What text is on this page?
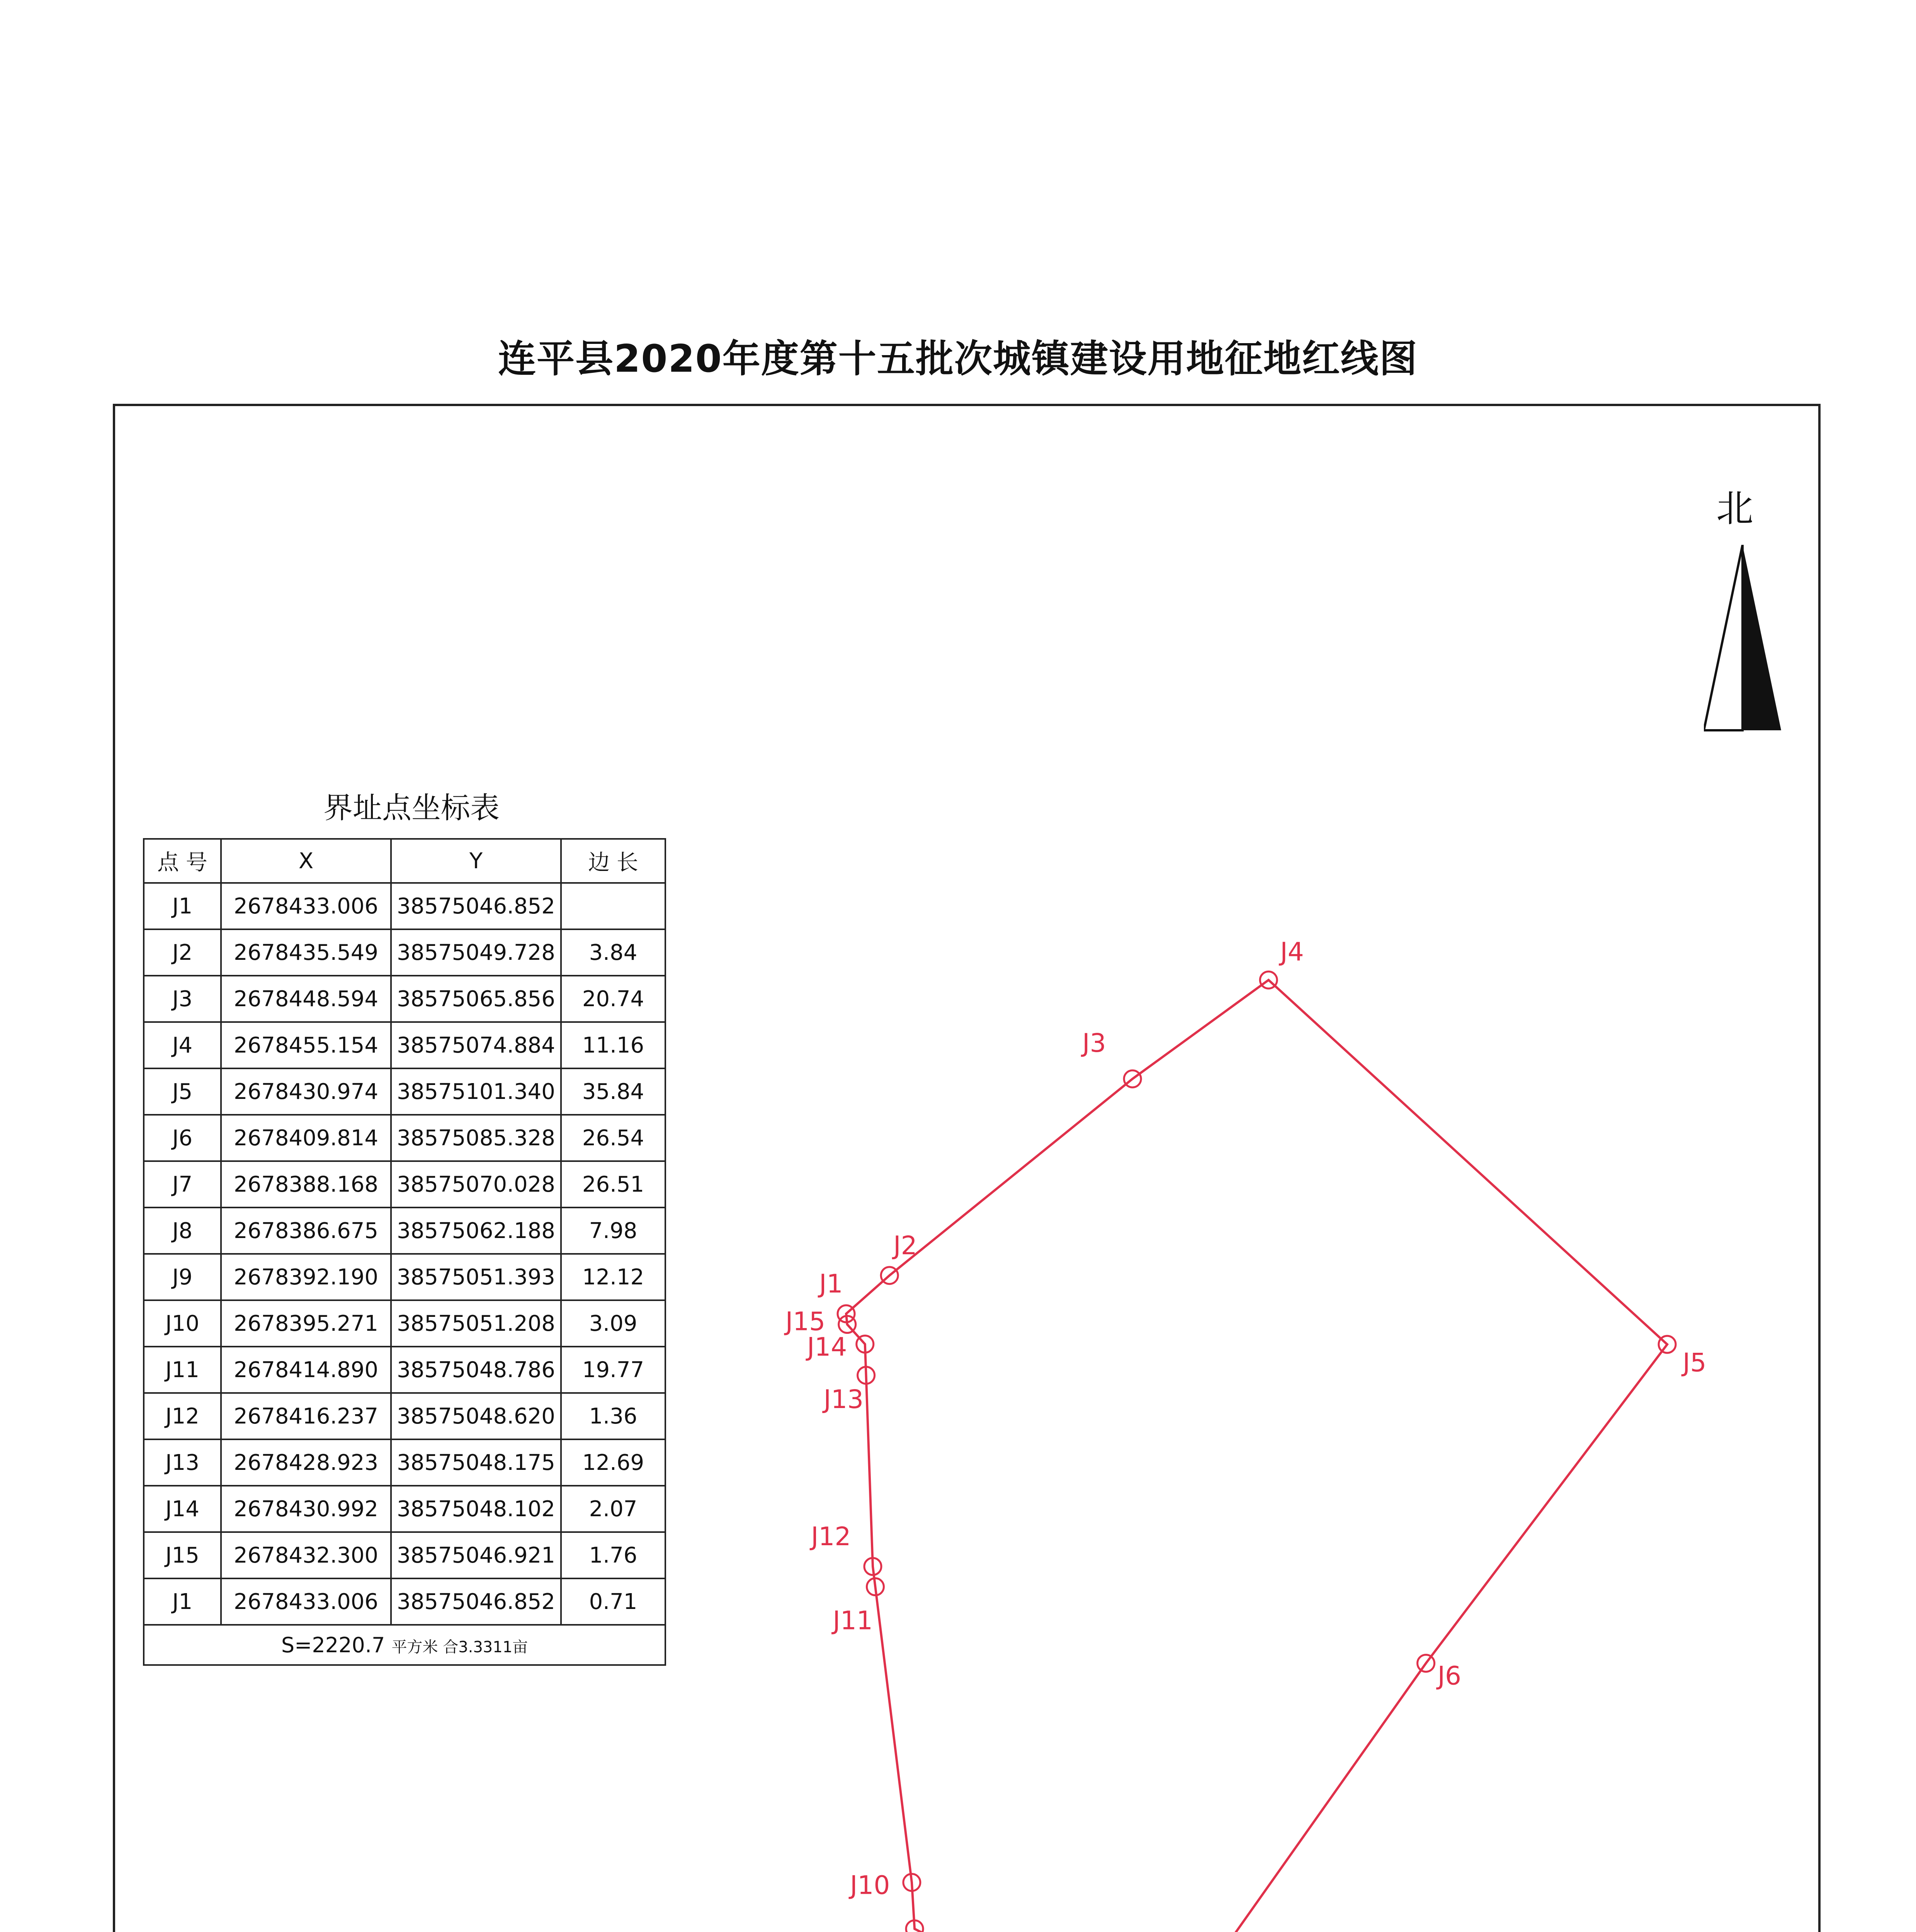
连平县2020年度第十五批次城镇建设用地征地红线图
北
界址点坐标表
点 号	X	Y	边 长
J1	2678433.006	38575046.852	
J2	2678435.549	38575049.728	3.84
J3	2678448.594	38575065.856	20.74
J4	2678455.154	38575074.884	11.16
J5	2678430.974	38575101.340	35.84
J6	2678409.814	38575085.328	26.54
J7	2678388.168	38575070.028	26.51
J8	2678386.675	38575062.188	7.98
J9	2678392.190	38575051.393	12.12
J10	2678395.271	38575051.208	3.09
J11	2678414.890	38575048.786	19.77
J12	2678416.237	38575048.620	1.36
J13	2678428.923	38575048.175	12.69
J14	2678430.992	38575048.102	2.07
J15	2678432.300	38575046.921	1.76
J1	2678433.006	38575046.852	0.71
S=2220.7 平方米 合3.3311亩			
J1
J2
J3
J4
J5
J6
J10
J11
J12
J13
J14
J15
